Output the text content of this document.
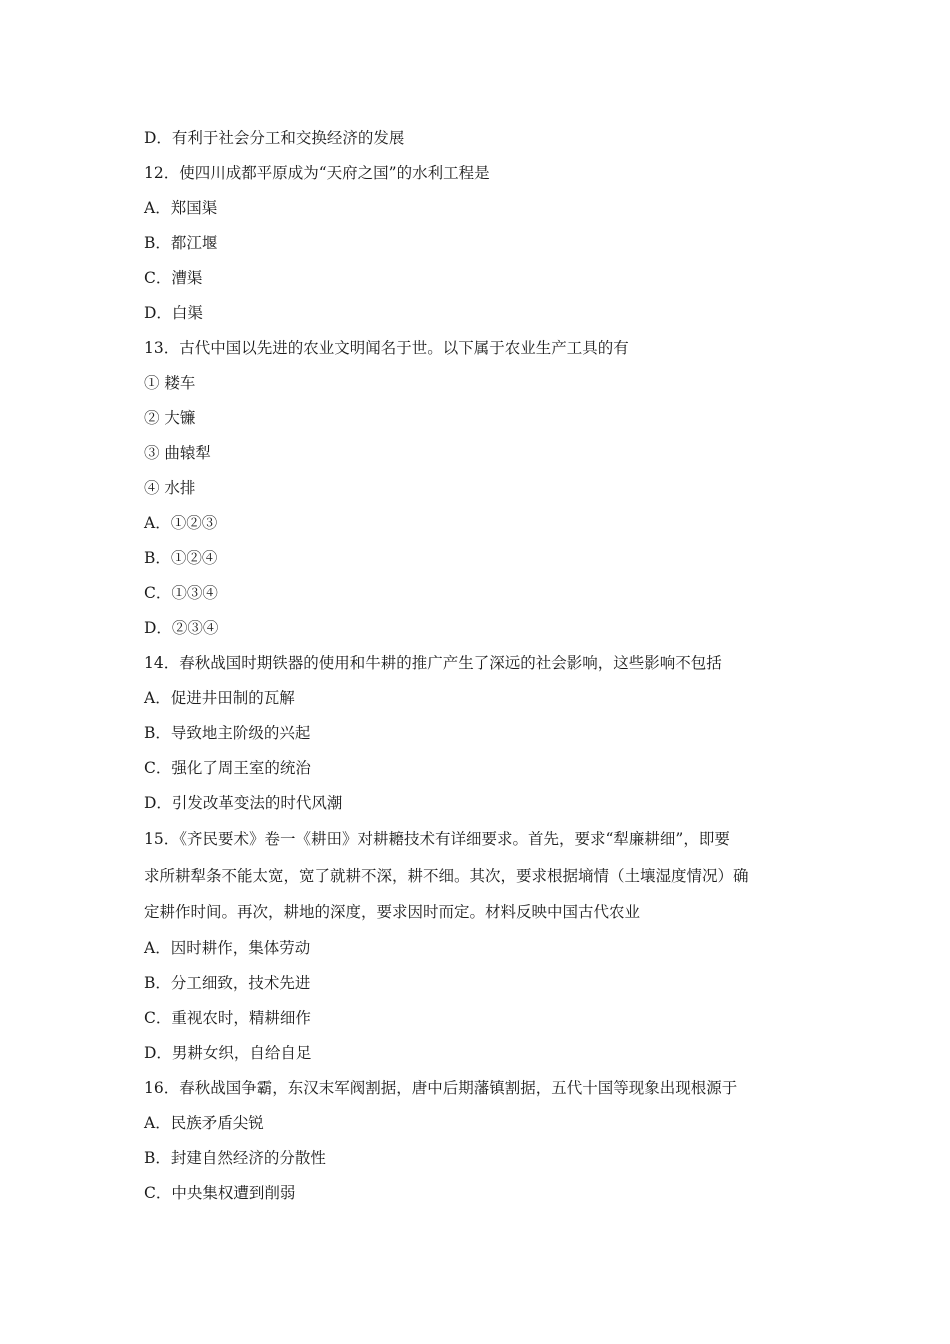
D．有利于社会分工和交换经济的发展
12．使四川成都平原成为“天府之国”的水利工程是
A．郑国渠
B．都江堰
C．漕渠
D．白渠
13．古代中国以先进的农业文明闻名于世。以下属于农业生产工具的有
① 耧车
② 大镰
③ 曲辕犁
④ 水排
A．①②③
B．①②④
C．①③④
D．②③④
14．春秋战国时期铁器的使用和牛耕的推广产生了深远的社会影响，这些影响不包括
A．促进井田制的瓦解
B．导致地主阶级的兴起
C．强化了周王室的统治
D．引发改革变法的时代风潮
15．《齐民要术》卷一《耕田》对耕耱技术有详细要求。首先，要求“犁廉耕细”，即要
求所耕犁条不能太宽，宽了就耕不深，耕不细。其次，要求根据墒情（土壤湿度情况）确
定耕作时间。再次，耕地的深度，要求因时而定。材料反映中国古代农业
A．因时耕作，集体劳动
B．分工细致，技术先进
C．重视农时，精耕细作
D．男耕女织，自给自足
16．春秋战国争霸，东汉末军阀割据，唐中后期藩镇割据，五代十国等现象出现根源于
A．民族矛盾尖锐
B．封建自然经济的分散性
C．中央集权遭到削弱
